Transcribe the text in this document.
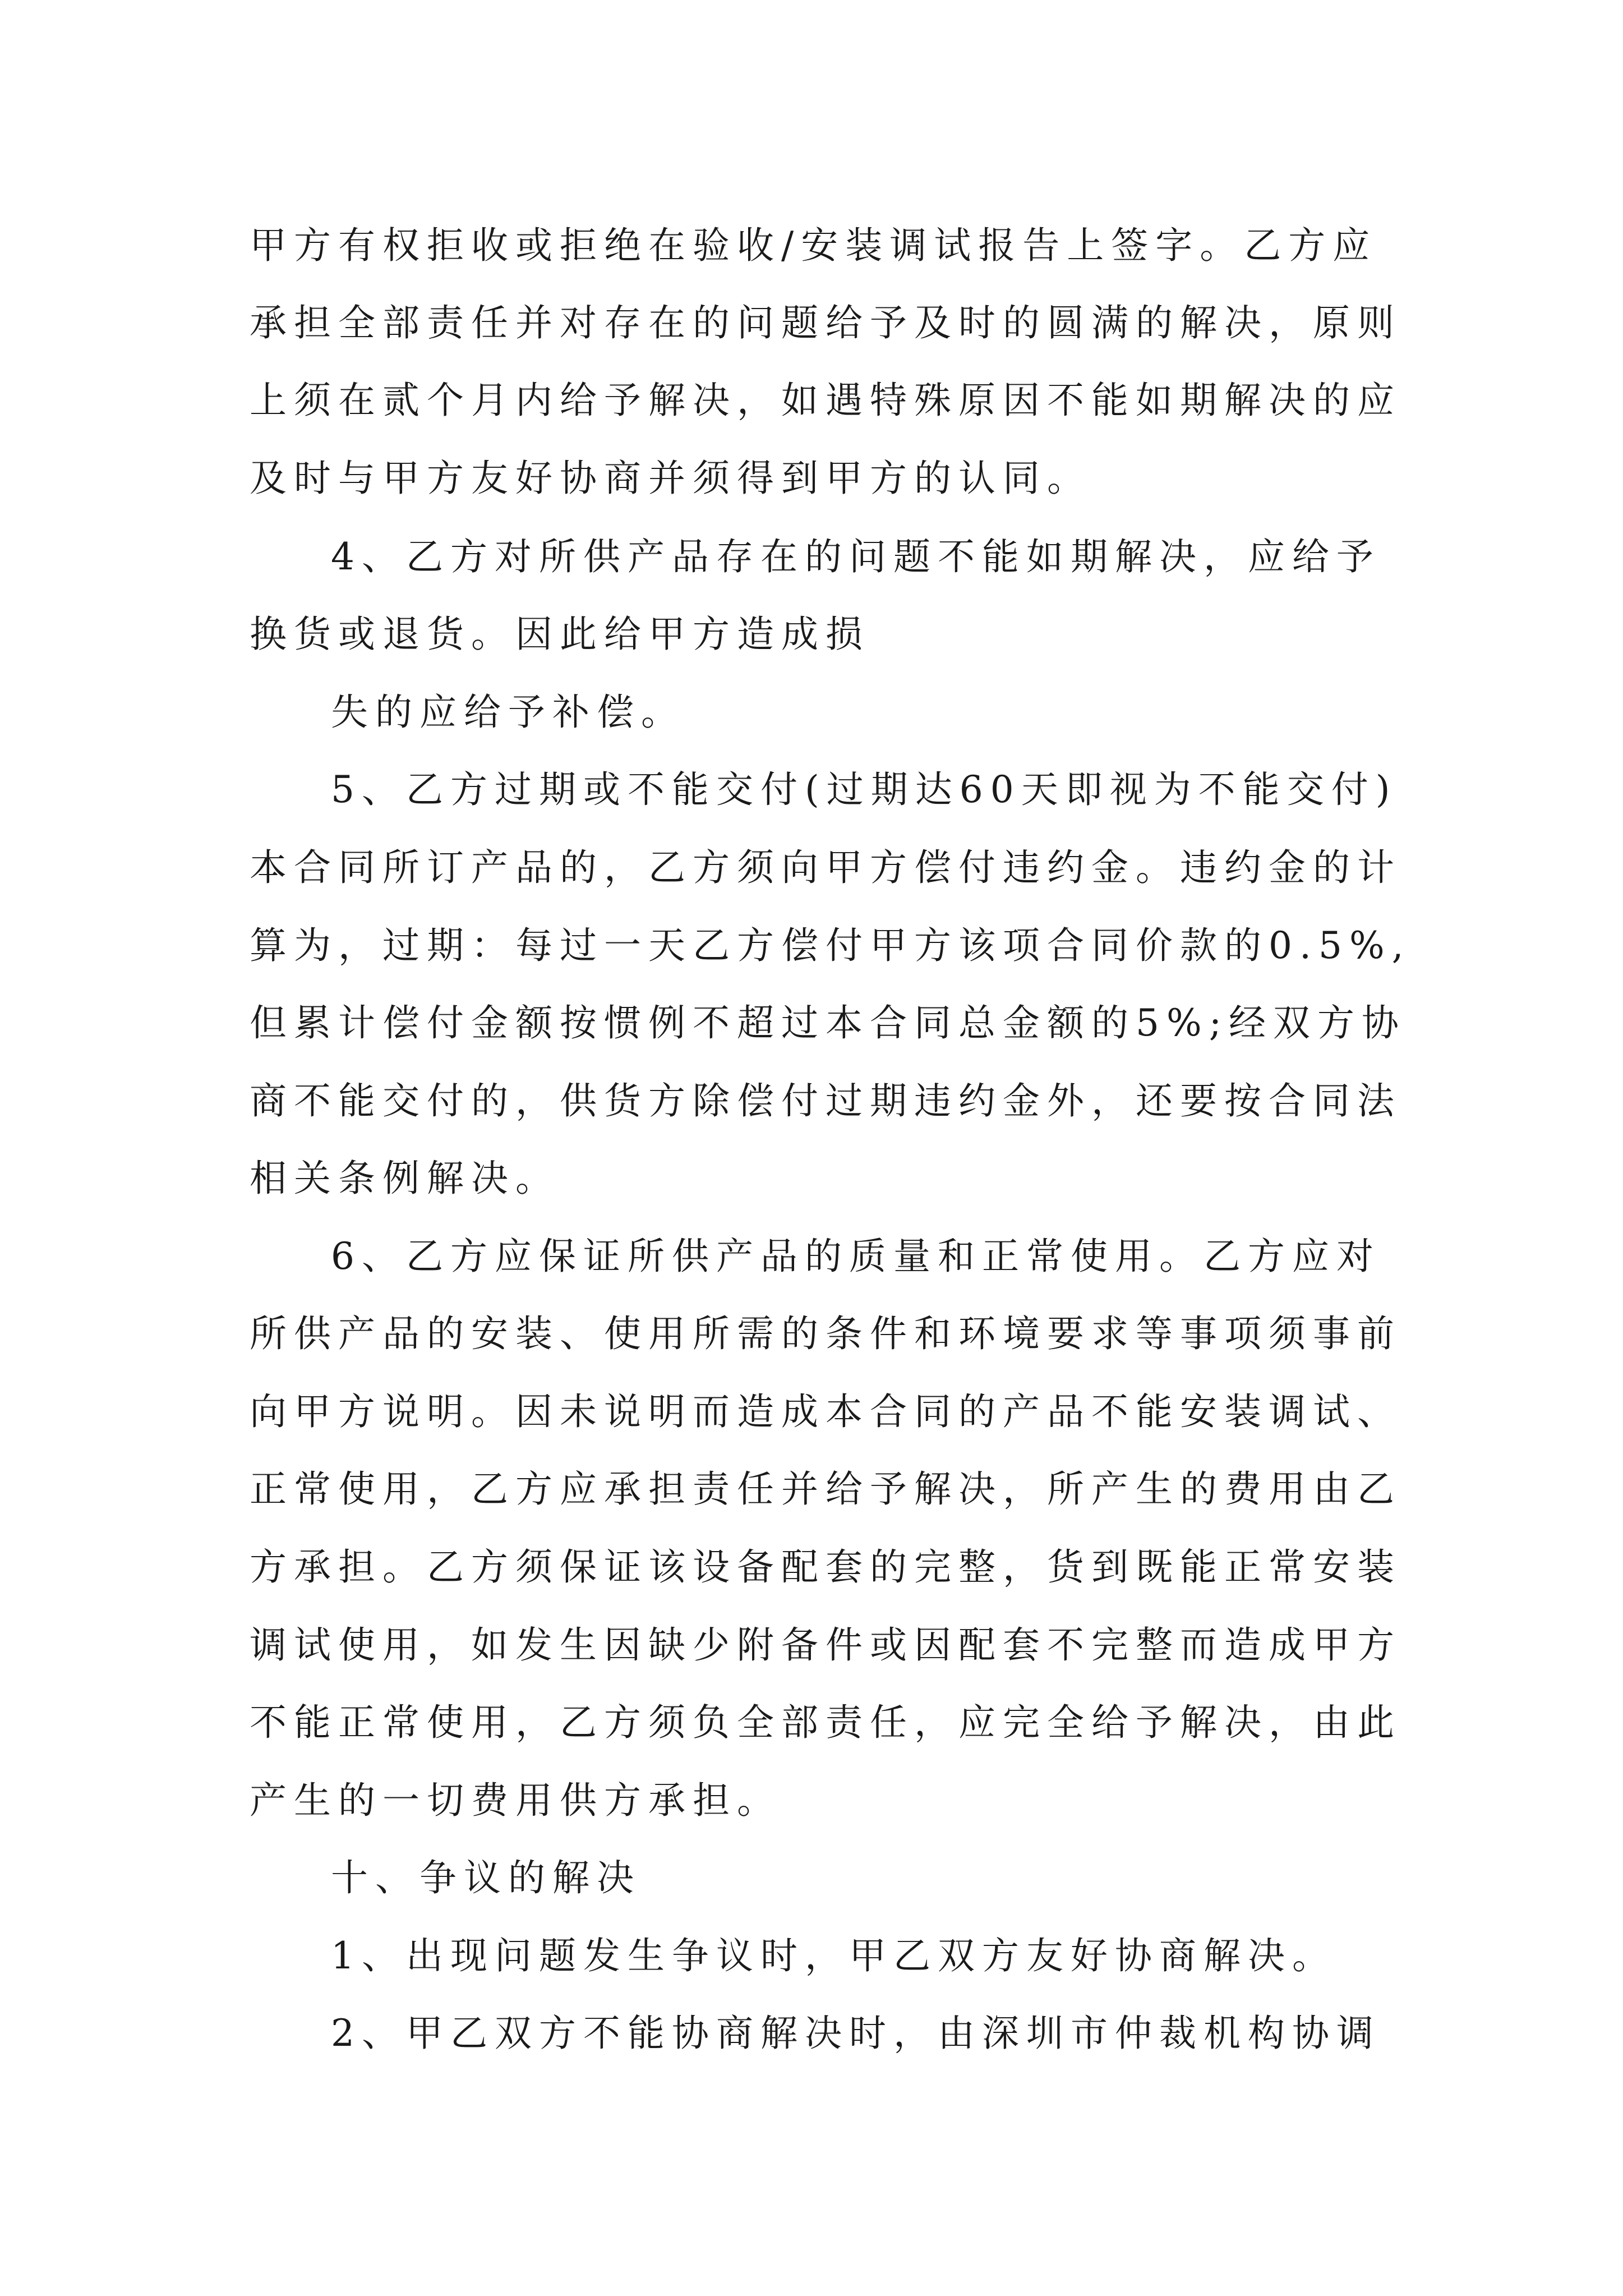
甲方有权拒收或拒绝在验收/安装调试报告上签字。乙方应
承担全部责任并对存在的问题给予及时的圆满的解决，原则
上须在贰个月内给予解决，如遇特殊原因不能如期解决的应
及时与甲方友好协商并须得到甲方的认同。
4、乙方对所供产品存在的问题不能如期解决，应给予
换货或退货。因此给甲方造成损
失的应给予补偿。
5、乙方过期或不能交付(过期达60天即视为不能交付)
本合同所订产品的，乙方须向甲方偿付违约金。违约金的计
算为，过期：每过一天乙方偿付甲方该项合同价款的0.5%,
但累计偿付金额按惯例不超过本合同总金额的5%;经双方协
商不能交付的，供货方除偿付过期违约金外，还要按合同法
相关条例解决。
6、乙方应保证所供产品的质量和正常使用。乙方应对
所供产品的安装、使用所需的条件和环境要求等事项须事前
向甲方说明。因未说明而造成本合同的产品不能安装调试、
正常使用，乙方应承担责任并给予解决，所产生的费用由乙
方承担。乙方须保证该设备配套的完整，货到既能正常安装
调试使用，如发生因缺少附备件或因配套不完整而造成甲方
不能正常使用，乙方须负全部责任，应完全给予解决，由此
产生的一切费用供方承担。
十、争议的解决
1、出现问题发生争议时，甲乙双方友好协商解决。
2、甲乙双方不能协商解决时，由深圳市仲裁机构协调
